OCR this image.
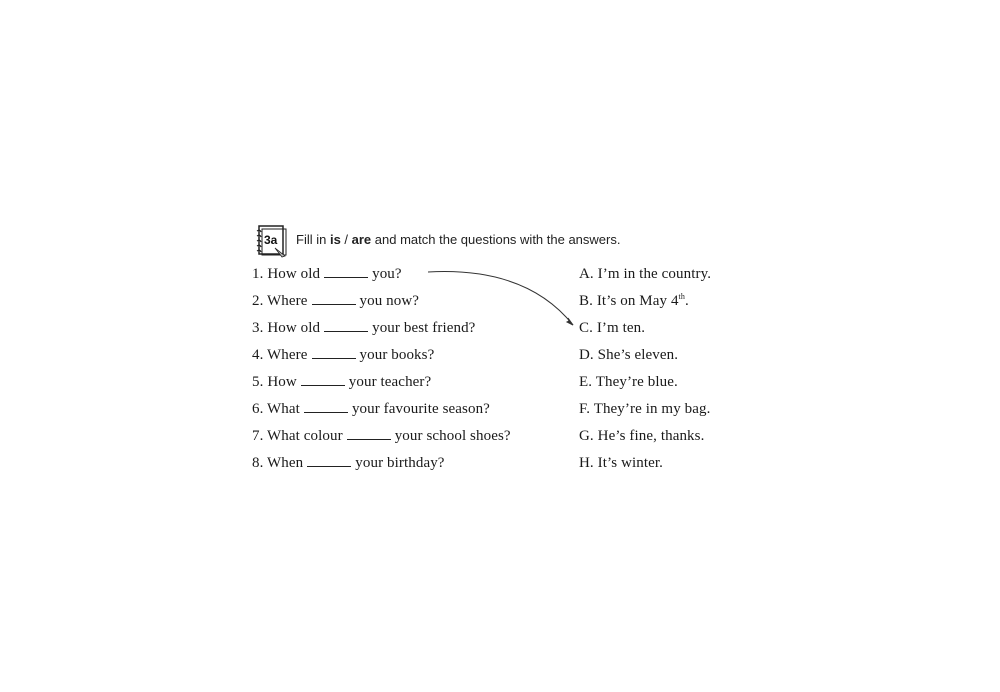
3a Fill in is / are and match the questions with the answers.
1. How old	you?
2. Where	you now?
3. How old	your best friend?
4. Where	your books?
5. How	your teacher?
6. What	your favourite season?
7. What colour	your school shoes?
8. When	your birthday?
A. I’m in the country.
B. It’s on May 4th.
C. I’m ten.
D. She’s eleven.
E. They’re blue.
F. They’re in my bag.
G. He’s fine, thanks.
H. It’s winter.
